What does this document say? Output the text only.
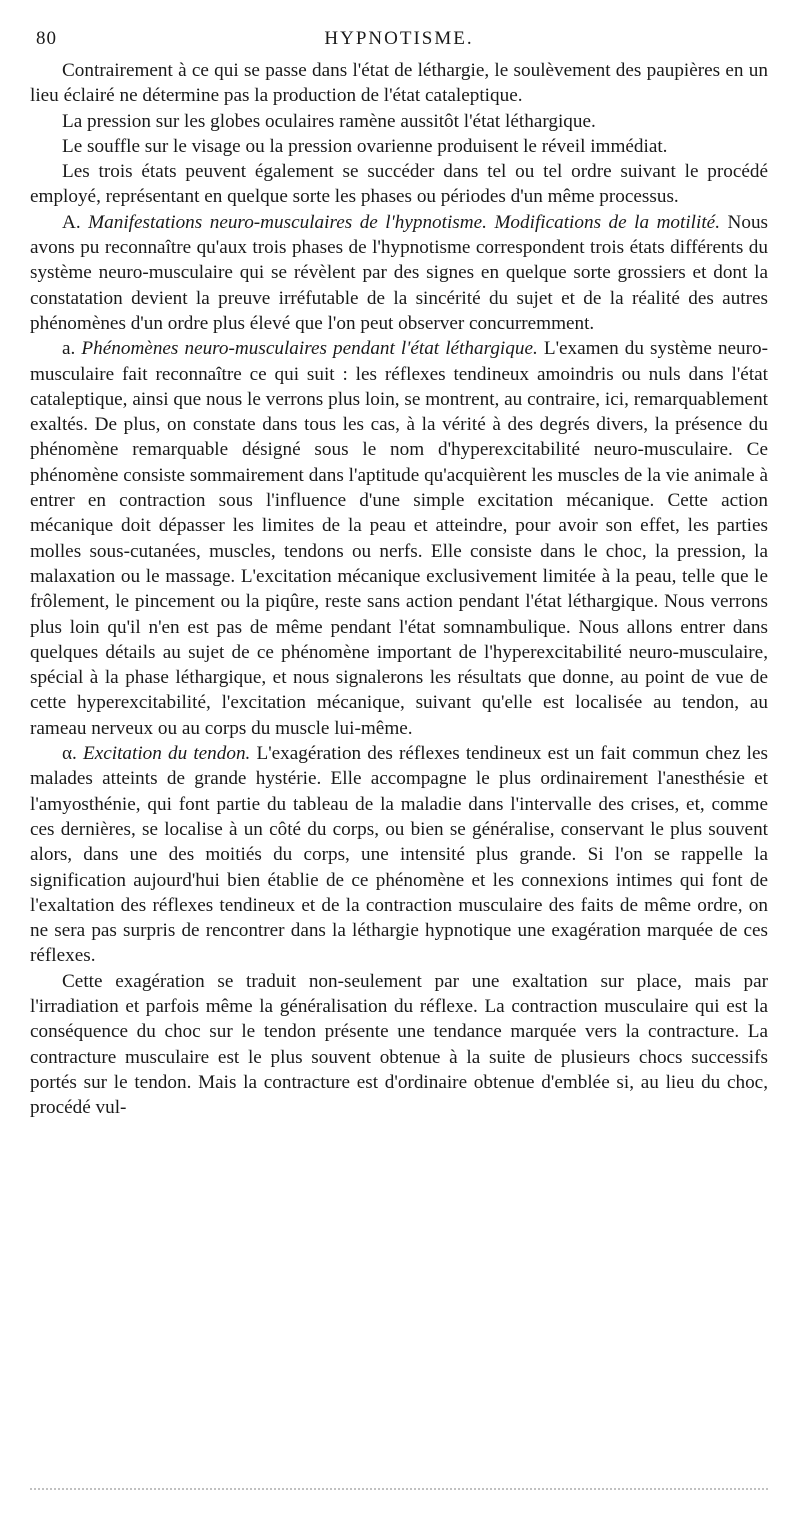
80	HYPNOTISME.

Contrairement à ce qui se passe dans l'état de léthargie, le soulèvement des paupières en un lieu éclairé ne détermine pas la production de l'état cataleptique.

La pression sur les globes oculaires ramène aussitôt l'état léthargique.

Le souffle sur le visage ou la pression ovarienne produisent le réveil immédiat.

Les trois états peuvent également se succéder dans tel ou tel ordre suivant le procédé employé, représentant en quelque sorte les phases ou périodes d'un même processus.

A. Manifestations neuro-musculaires de l'hypnotisme. Modifications de la motilité. Nous avons pu reconnaître qu'aux trois phases de l'hypnotisme correspondent trois états différents du système neuro-musculaire qui se révèlent par des signes en quelque sorte grossiers et dont la constatation devient la preuve irréfutable de la sincérité du sujet et de la réalité des autres phénomènes d'un ordre plus élevé que l'on peut observer concurremment.

a. Phénomènes neuro-musculaires pendant l'état léthargique. L'examen du système neuro-musculaire fait reconnaître ce qui suit : les réflexes tendineux amoindris ou nuls dans l'état cataleptique, ainsi que nous le verrons plus loin, se montrent, au contraire, ici, remarquablement exaltés. De plus, on constate dans tous les cas, à la vérité à des degrés divers, la présence du phénomène remarquable désigné sous le nom d'hyperexcitabilité neuro-musculaire. Ce phénomène consiste sommairement dans l'aptitude qu'acquièrent les muscles de la vie animale à entrer en contraction sous l'influence d'une simple excitation mécanique. Cette action mécanique doit dépasser les limites de la peau et atteindre, pour avoir son effet, les parties molles sous-cutanées, muscles, tendons ou nerfs. Elle consiste dans le choc, la pression, la malaxation ou le massage. L'excitation mécanique exclusivement limitée à la peau, telle que le frôlement, le pincement ou la piqûre, reste sans action pendant l'état léthargique. Nous verrons plus loin qu'il n'en est pas de même pendant l'état somnambulique. Nous allons entrer dans quelques détails au sujet de ce phénomène important de l'hyperexcitabilité neuro-musculaire, spécial à la phase léthargique, et nous signalerons les résultats que donne, au point de vue de cette hyperexcitabilité, l'excitation mécanique, suivant qu'elle est localisée au tendon, au rameau nerveux ou au corps du muscle lui-même.

α. Excitation du tendon. L'exagération des réflexes tendineux est un fait commun chez les malades atteints de grande hystérie. Elle accompagne le plus ordinairement l'anesthésie et l'amyosthénie, qui font partie du tableau de la maladie dans l'intervalle des crises, et, comme ces dernières, se localise à un côté du corps, ou bien se généralise, conservant le plus souvent alors, dans une des moitiés du corps, une intensité plus grande. Si l'on se rappelle la signification aujourd'hui bien établie de ce phénomène et les connexions intimes qui font de l'exaltation des réflexes tendineux et de la contraction musculaire des faits de même ordre, on ne sera pas surpris de rencontrer dans la léthargie hypnotique une exagération marquée de ces réflexes.

Cette exagération se traduit non-seulement par une exaltation sur place, mais par l'irradiation et parfois même la généralisation du réflexe. La contraction musculaire qui est la conséquence du choc sur le tendon présente une tendance marquée vers la contracture. La contracture musculaire est le plus souvent obtenue à la suite de plusieurs chocs successifs portés sur le tendon. Mais la contracture est d'ordinaire obtenue d'emblée si, au lieu du choc, procédé vul-
